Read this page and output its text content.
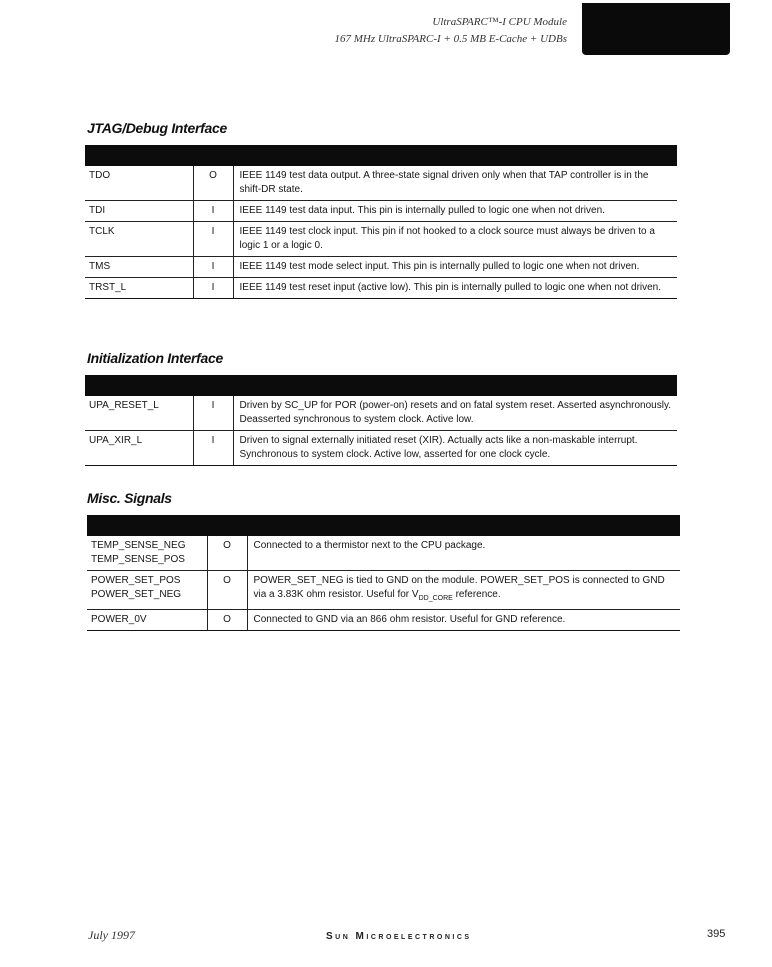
UltraSPARC™-I CPU Module
167 MHz UltraSPARC-I + 0.5 MB E-Cache + UDBs
JTAG/Debug Interface

TDO	O	IEEE 1149 test data output. A three-state signal driven only when that TAP controller is in the shift-DR state.
TDI	I	IEEE 1149 test data input. This pin is internally pulled to logic one when not driven.
TCLK	I	IEEE 1149 test clock input. This pin if not hooked to a clock source must always be driven to a logic 1 or a logic 0.
TMS	I	IEEE 1149 test mode select input. This pin is internally pulled to logic one when not driven.
TRST_L	I	IEEE 1149 test reset input (active low). This pin is internally pulled to logic one when not driven.
Initialization Interface

UPA_RESET_L	I	Driven by SC_UP for POR (power-on) resets and on fatal system reset. Asserted asynchronously. Deasserted synchronous to system clock. Active low.
UPA_XIR_L	I	Driven to signal externally initiated reset (XIR). Actually acts like a non-maskable interrupt. Synchronous to system clock. Active low, asserted for one clock cycle.
Misc. Signals

TEMP_SENSE_NEG
TEMP_SENSE_POS	O	Connected to a thermistor next to the CPU package.

POWER_SET_POS
POWER_SET_NEG	O	POWER_SET_NEG is tied to GND on the module. POWER_SET_POS is connected to GND via a 3.83K ohm resistor. Useful for $V_{DD\_CORE}$ reference.
POWER_0V	O	Connected to GND via an 866 ohm resistor. Useful for GND reference.
July 1997	Sun Microelectronics	395
